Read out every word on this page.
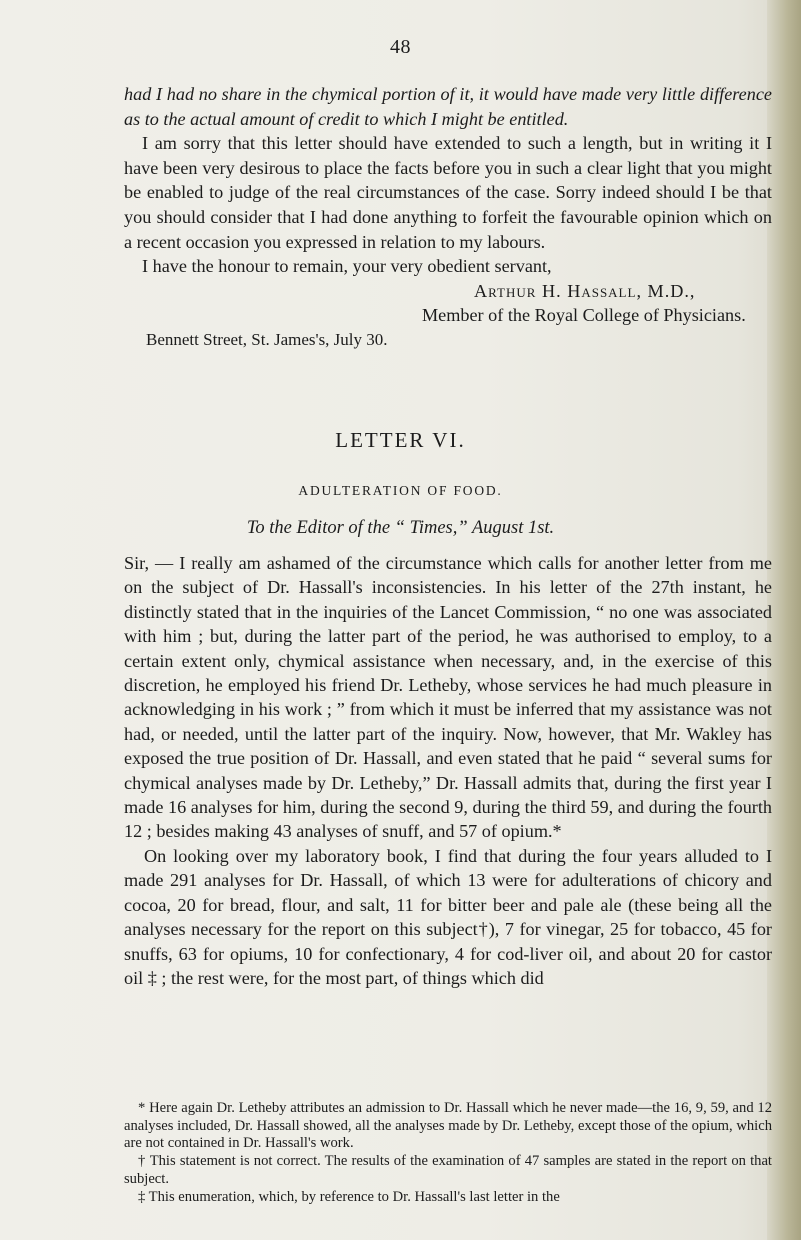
48

had I had no share in the chymical portion of it, it would have made very little difference as to the actual amount of credit to which I might be entitled.

I am sorry that this letter should have extended to such a length, but in writing it I have been very desirous to place the facts before you in such a clear light that you might be enabled to judge of the real circumstances of the case. Sorry indeed should I be that you should consider that I had done anything to forfeit the favourable opinion which on a recent occasion you expressed in relation to my labours.

I have the honour to remain, your very obedient servant,

Arthur H. Hassall, M.D.,

Member of the Royal College of Physicians.

Bennett Street, St. James's, July 30.

LETTER VI.
ADULTERATION OF FOOD.
To the Editor of the “ Times,” August 1st.

Sir, — I really am ashamed of the circumstance which calls for another letter from me on the subject of Dr. Hassall's inconsistencies. In his letter of the 27th instant, he distinctly stated that in the inquiries of the Lancet Commission, “ no one was associated with him ; but, during the latter part of the period, he was authorised to employ, to a certain extent only, chymical assistance when necessary, and, in the exercise of this discretion, he employed his friend Dr. Letheby, whose services he had much pleasure in acknowledging in his work ; ” from which it must be inferred that my assistance was not had, or needed, until the latter part of the inquiry. Now, however, that Mr. Wakley has exposed the true position of Dr. Hassall, and even stated that he paid “ several sums for chymical analyses made by Dr. Letheby,” Dr. Hassall admits that, during the first year I made 16 analyses for him, during the second 9, during the third 59, and during the fourth 12 ; besides making 43 analyses of snuff, and 57 of opium.*

On looking over my laboratory book, I find that during the four years alluded to I made 291 analyses for Dr. Hassall, of which 13 were for adulterations of chicory and cocoa, 20 for bread, flour, and salt, 11 for bitter beer and pale ale (these being all the analyses necessary for the report on this subject†), 7 for vinegar, 25 for tobacco, 45 for snuffs, 63 for opiums, 10 for confectionary, 4 for cod-liver oil, and about 20 for castor oil ‡ ; the rest were, for the most part, of things which did

* Here again Dr. Letheby attributes an admission to Dr. Hassall which he never made—the 16, 9, 59, and 12 analyses included, Dr. Hassall showed, all the analyses made by Dr. Letheby, except those of the opium, which are not contained in Dr. Hassall's work.

† This statement is not correct. The results of the examination of 47 samples are stated in the report on that subject.

‡ This enumeration, which, by reference to Dr. Hassall's last letter in the
